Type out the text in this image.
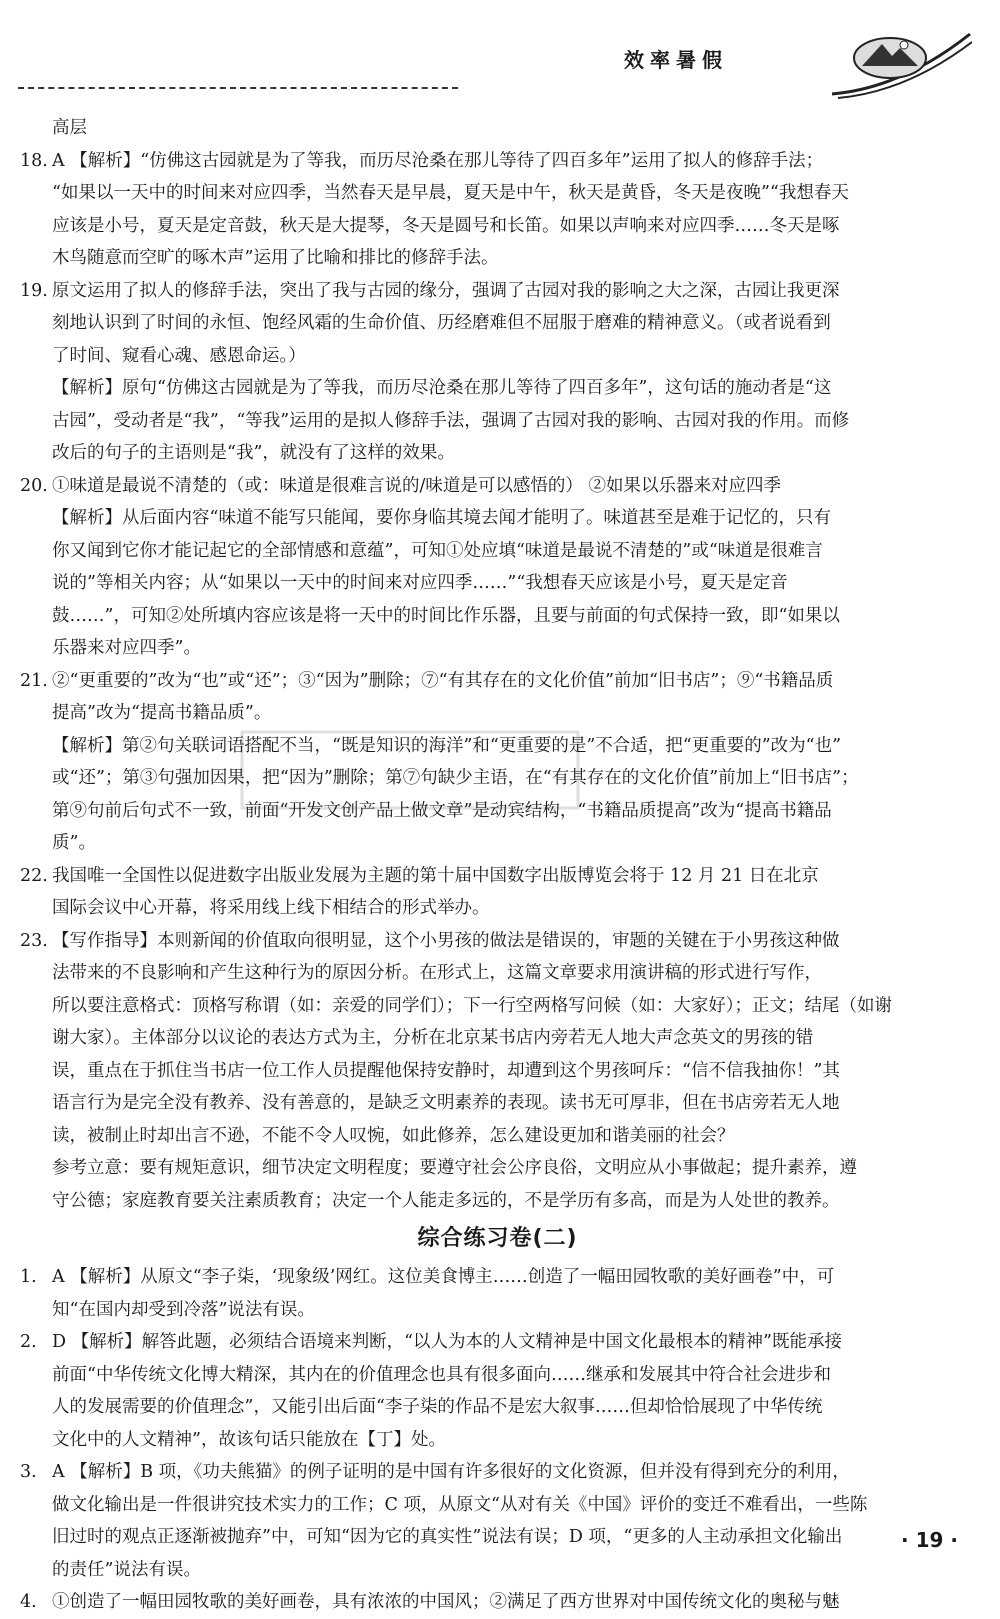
效率暑假

高层

18. A 【解析】“仿佛这古园就是为了等我，而历尽沧桑在那儿等待了四百多年”运用了拟人的修辞手法；
“如果以一天中的时间来对应四季，当然春天是早晨，夏天是中午，秋天是黄昏，冬天是夜晚”“我想春天
应该是小号，夏天是定音鼓，秋天是大提琴，冬天是圆号和长笛。如果以声响来对应四季……冬天是啄
木鸟随意而空旷的啄木声”运用了比喻和排比的修辞手法。
19. 原文运用了拟人的修辞手法，突出了我与古园的缘分，强调了古园对我的影响之大之深，古园让我更深
刻地认识到了时间的永恒、饱经风霜的生命价值、历经磨难但不屈服于磨难的精神意义。（或者说看到
了时间、窥看心魂、感恩命运。）
【解析】原句“仿佛这古园就是为了等我，而历尽沧桑在那儿等待了四百多年”，这句话的施动者是“这
古园”，受动者是“我”，“等我”运用的是拟人修辞手法，强调了古园对我的影响、古园对我的作用。而修
改后的句子的主语则是“我”，就没有了这样的效果。
20. ①味道是最说不清楚的（或：味道是很难言说的/味道是可以感悟的） ②如果以乐器来对应四季
【解析】从后面内容“味道不能写只能闻，要你身临其境去闻才能明了。味道甚至是难于记忆的，只有
你又闻到它你才能记起它的全部情感和意蕴”，可知①处应填“味道是最说不清楚的”或“味道是很难言
说的”等相关内容；从“如果以一天中的时间来对应四季……”“我想春天应该是小号，夏天是定音
鼓……”，可知②处所填内容应该是将一天中的时间比作乐器，且要与前面的句式保持一致，即“如果以
乐器来对应四季”。
21. ②“更重要的”改为“也”或“还”；③“因为”删除；⑦“有其存在的文化价值”前加“旧书店”；⑨“书籍品质
提高”改为“提高书籍品质”。
【解析】第②句关联词语搭配不当，“既是知识的海洋”和“更重要的是”不合适，把“更重要的”改为“也”
或“还”；第③句强加因果，把“因为”删除；第⑦句缺少主语，在“有其存在的文化价值”前加上“旧书店”；
第⑨句前后句式不一致，前面“开发文创产品上做文章”是动宾结构，“书籍品质提高”改为“提高书籍品
质”。
22. 我国唯一全国性以促进数字出版业发展为主题的第十届中国数字出版博览会将于 12 月 21 日在北京
国际会议中心开幕，将采用线上线下相结合的形式举办。
23. 【写作指导】本则新闻的价值取向很明显，这个小男孩的做法是错误的，审题的关键在于小男孩这种做
法带来的不良影响和产生这种行为的原因分析。在形式上，这篇文章要求用演讲稿的形式进行写作，
所以要注意格式：顶格写称谓（如：亲爱的同学们）；下一行空两格写问候（如：大家好）；正文；结尾（如谢
谢大家）。主体部分以议论的表达方式为主，分析在北京某书店内旁若无人地大声念英文的男孩的错
误，重点在于抓住当书店一位工作人员提醒他保持安静时，却遭到这个男孩呵斥：“信不信我抽你！”其
语言行为是完全没有教养、没有善意的，是缺乏文明素养的表现。读书无可厚非，但在书店旁若无人地
读，被制止时却出言不逊，不能不令人叹惋，如此修养，怎么建设更加和谐美丽的社会？
参考立意：要有规矩意识，细节决定文明程度；要遵守社会公序良俗，文明应从小事做起；提升素养，遵
守公德；家庭教育要关注素质教育；决定一个人能走多远的，不是学历有多高，而是为人处世的教养。
综合练习卷(二)
1. A 【解析】从原文“李子柒，‘现象级’网红。这位美食博主……创造了一幅田园牧歌的美好画卷”中，可
知“在国内却受到冷落”说法有误。
2. D 【解析】解答此题，必须结合语境来判断，“以人为本的人文精神是中国文化最根本的精神”既能承接
前面“中华传统文化博大精深，其内在的价值理念也具有很多面向……继承和发展其中符合社会进步和
人的发展需要的价值理念”，又能引出后面“李子柒的作品不是宏大叙事……但却恰恰展现了中华传统
文化中的人文精神”，故该句话只能放在【丁】处。
3. A 【解析】B 项，《功夫熊猫》的例子证明的是中国有许多很好的文化资源，但并没有得到充分的利用，
做文化输出是一件很讲究技术实力的工作；C 项，从原文“从对有关《中国》评价的变迁不难看出，一些陈
旧过时的观点正逐渐被抛弃”中，可知“因为它的真实性”说法有误；D 项，“更多的人主动承担文化输出
的责任”说法有误。
4. ①创造了一幅田园牧歌的美好画卷，具有浓浓的中国风；②满足了西方世界对中国传统文化的奥秘与魅
· 19 ·
